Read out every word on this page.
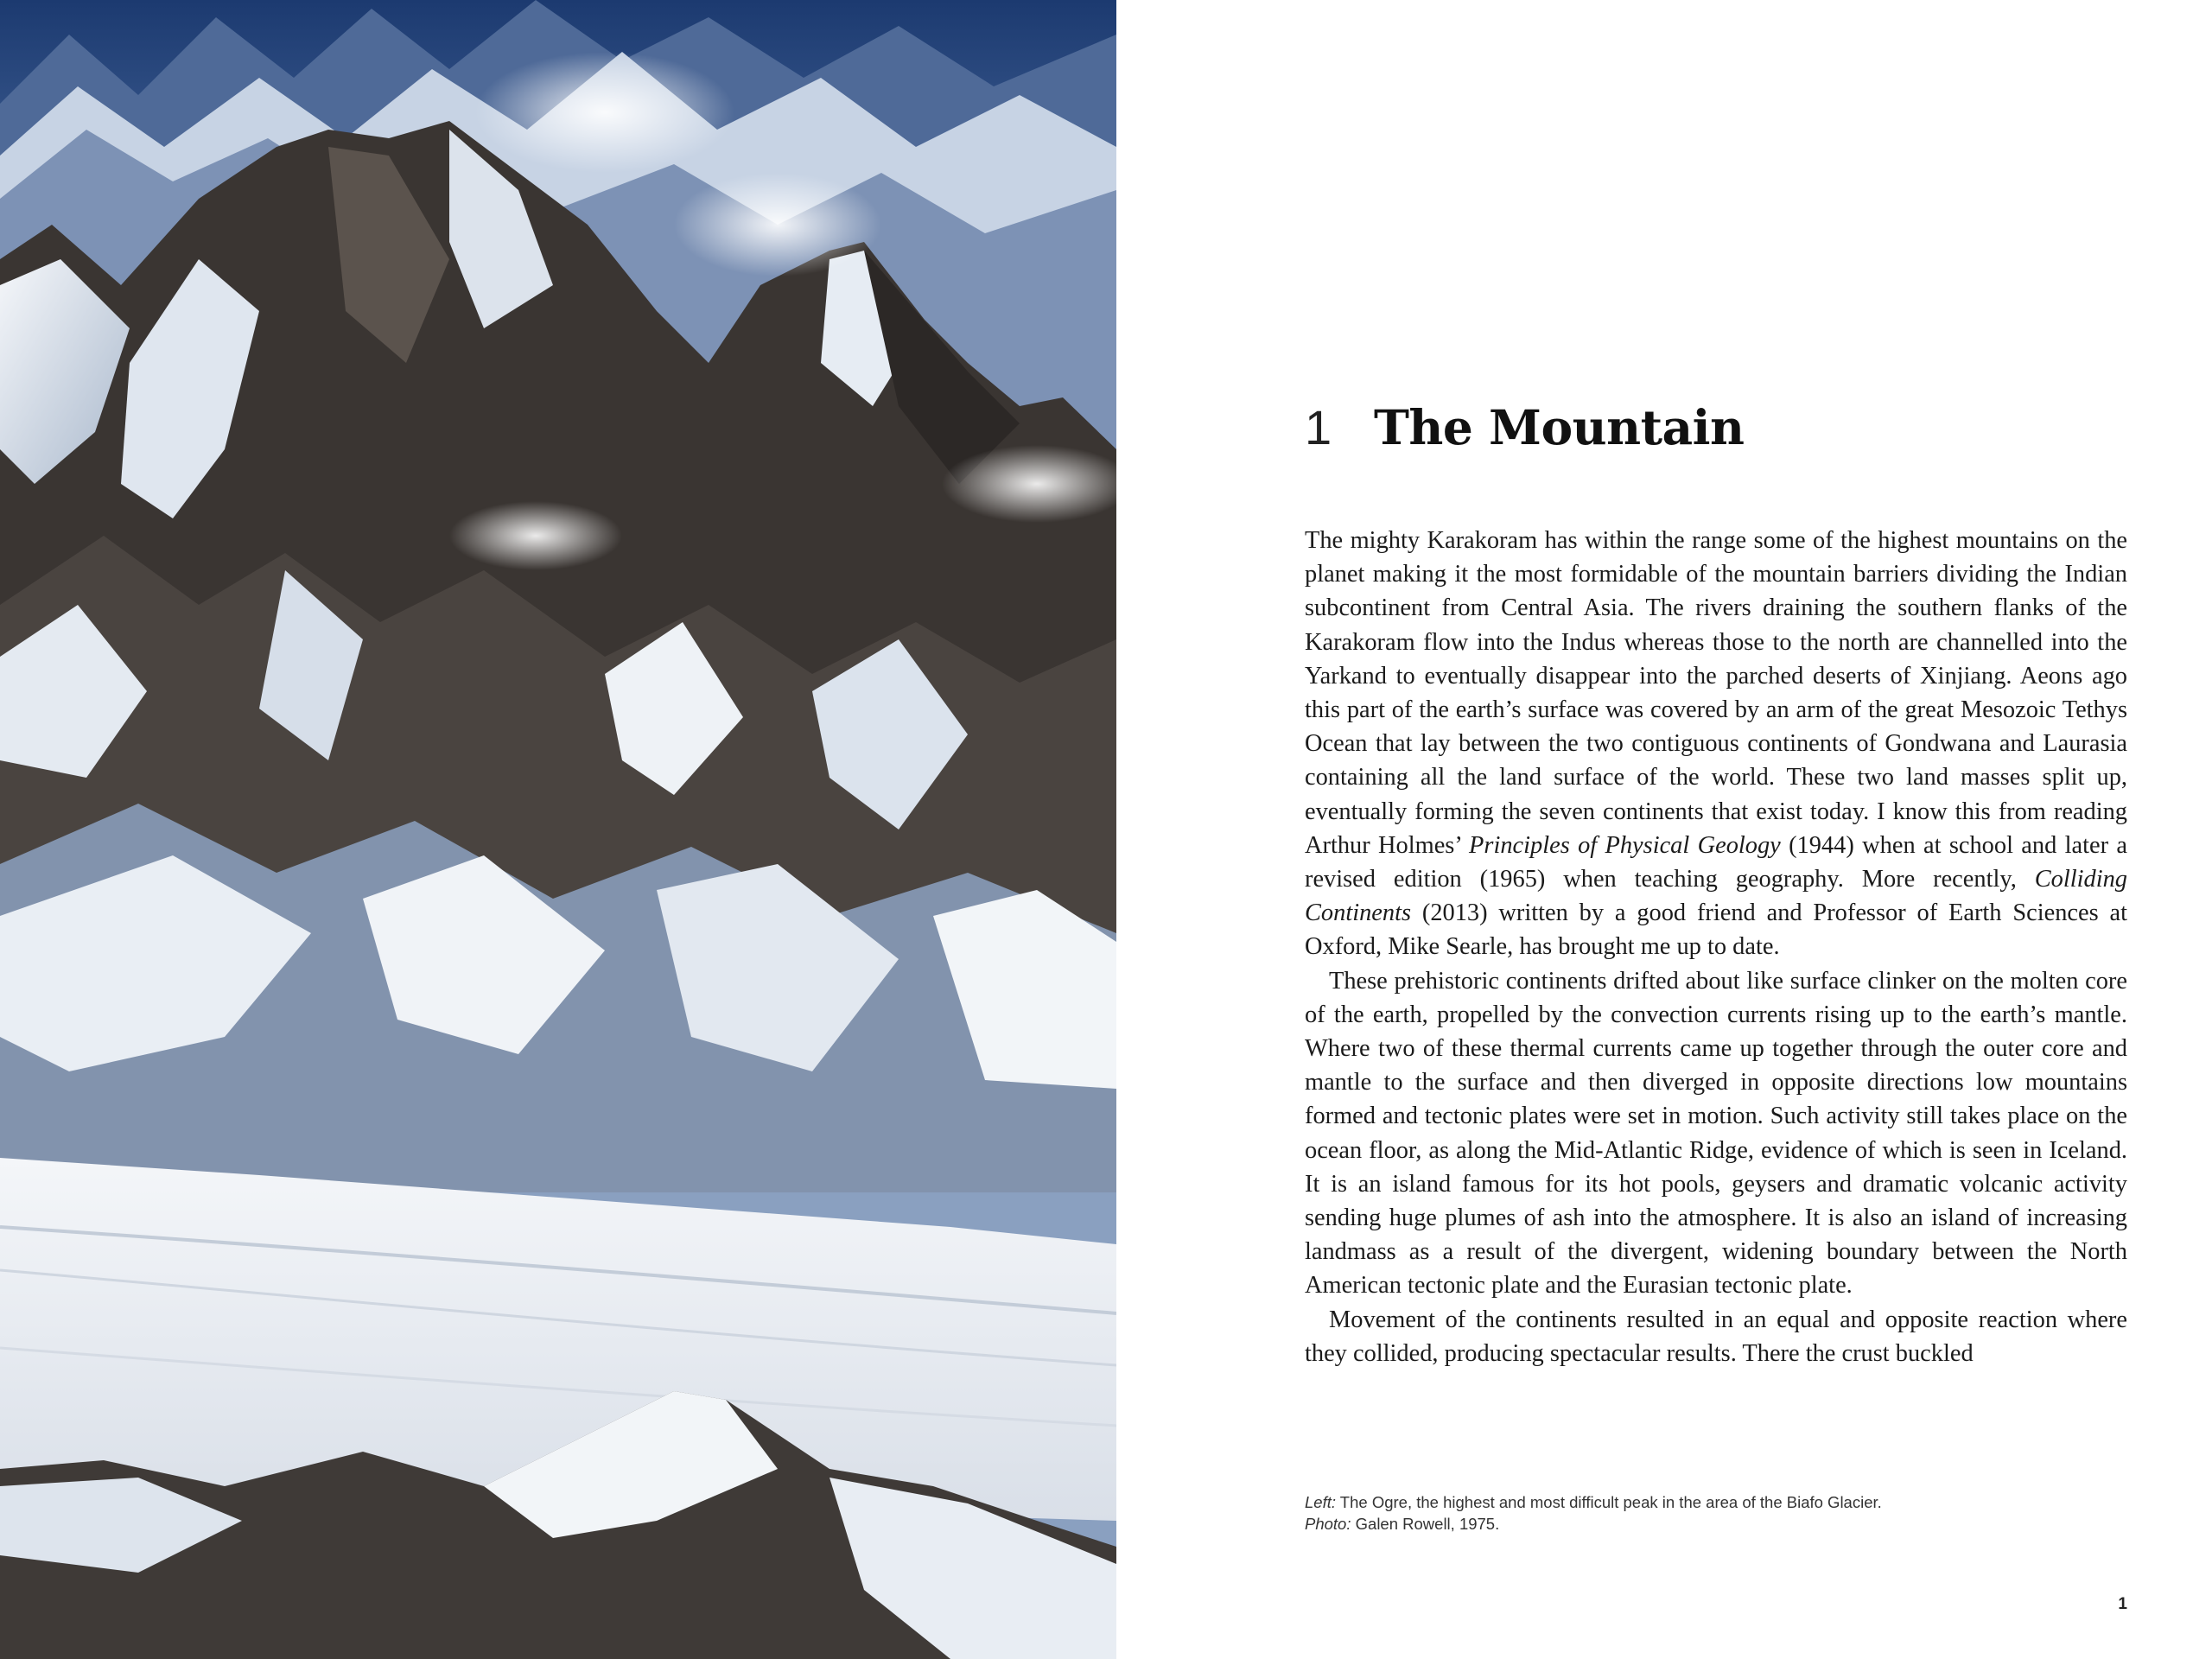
1 The Mountain

The mighty Karakoram has within the range some of the highest mountains on the planet making it the most formidable of the mountain barriers dividing the Indian subcontinent from Central Asia. The rivers draining the southern flanks of the Karakoram flow into the Indus whereas those to the north are channelled into the Yarkand to eventually disappear into the parched deserts of Xinjiang. Aeons ago this part of the earth’s surface was covered by an arm of the great Mesozoic Tethys Ocean that lay between the two contiguous continents of Gondwana and Laurasia containing all the land surface of the world. These two land masses split up, eventually forming the seven continents that exist today. I know this from reading Arthur Holmes’ Principles of Physical Geology (1944) when at school and later a revised edition (1965) when teaching geography. More recently, Colliding Continents (2013) written by a good friend and Professor of Earth Sciences at Oxford, Mike Searle, has brought me up to date.

These prehistoric continents drifted about like surface clinker on the molten core of the earth, propelled by the convection currents rising up to the earth’s mantle. Where two of these thermal currents came up together through the outer core and mantle to the surface and then diverged in opposite directions low mountains formed and tectonic plates were set in motion. Such activity still takes place on the ocean floor, as along the Mid-Atlantic Ridge, evidence of which is seen in Iceland. It is an island famous for its hot pools, geysers and dramatic volcanic activity sending huge plumes of ash into the atmosphere. It is also an island of increasing landmass as a result of the divergent, widening boundary between the North American tectonic plate and the Eurasian tectonic plate.

Movement of the continents resulted in an equal and opposite reaction where they collided, producing spectacular results. There the crust buckled

Left: The Ogre, the highest and most difficult peak in the area of the Biafo Glacier.
Photo: Galen Rowell, 1975.
1
